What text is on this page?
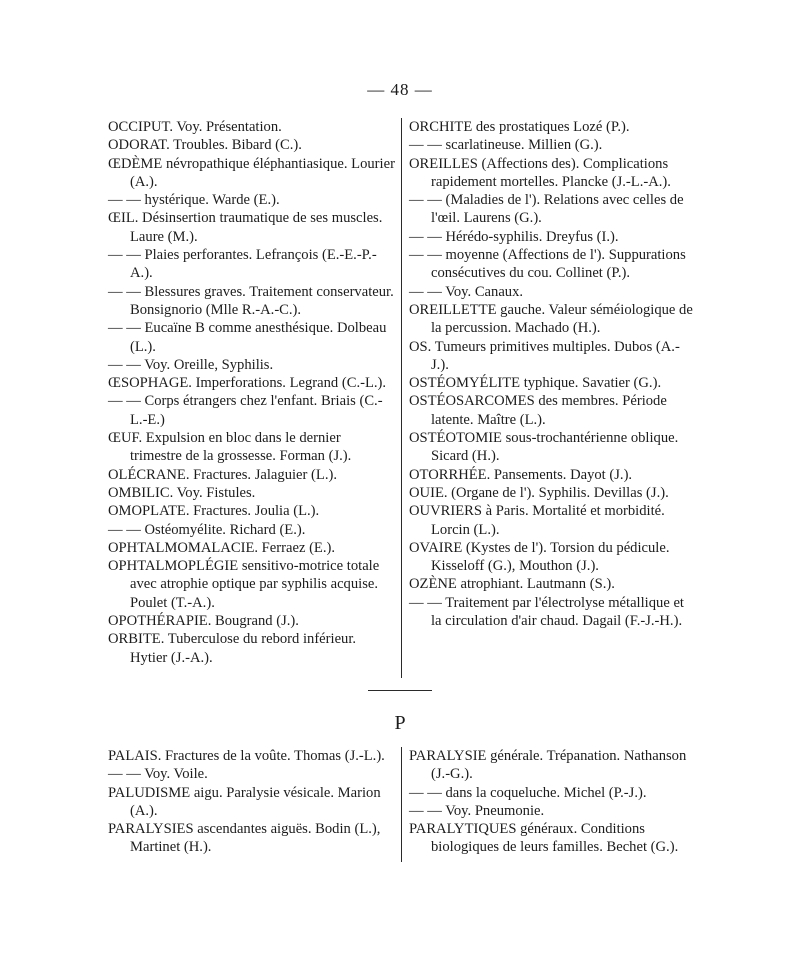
— 48 —

OCCIPUT. Voy. Présentation.

ODORAT. Troubles. Bibard (C.).

ŒDÈME névropathique éléphantiasique. Lourier (A.).

— — hystérique. Warde (E.).

ŒIL. Désinsertion traumatique de ses muscles. Laure (M.).

— — Plaies perforantes. Lefrançois (E.-E.-P.-A.).

— — Blessures graves. Traitement conservateur. Bonsignorio (Mlle R.-A.-C.).

— — Eucaïne B comme anesthésique. Dolbeau (L.).

— — Voy. Oreille, Syphilis.

ŒSOPHAGE. Imperforations. Legrand (C.-L.).

— — Corps étrangers chez l'enfant. Briais (C.-L.-E.)

ŒUF. Expulsion en bloc dans le dernier trimestre de la grossesse. Forman (J.).

OLÉCRANE. Fractures. Jalaguier (L.).

OMBILIC. Voy. Fistules.

OMOPLATE. Fractures. Joulia (L.).

— — Ostéomyélite. Richard (E.).

OPHTALMOMALACIE. Ferraez (E.).

OPHTALMOPLÉGIE sensitivo-motrice totale avec atrophie optique par syphilis acquise. Poulet (T.-A.).

OPOTHÉRAPIE. Bougrand (J.).

ORBITE. Tuberculose du rebord inférieur. Hytier (J.-A.).

ORCHITE des prostatiques Lozé (P.).

— — scarlatineuse. Millien (G.).

OREILLES (Affections des). Complications rapidement mortelles. Plancke (J.-L.-A.).

— — (Maladies de l'). Relations avec celles de l'œil. Laurens (G.).

— — Hérédo-syphilis. Dreyfus (I.).

— — moyenne (Affections de l'). Suppurations consécutives du cou. Collinet (P.).

— — Voy. Canaux.

OREILLETTE gauche. Valeur séméiologique de la percussion. Machado (H.).

OS. Tumeurs primitives multiples. Dubos (A.-J.).

OSTÉOMYÉLITE typhique. Savatier (G.).

OSTÉOSARCOMES des membres. Période latente. Maître (L.).

OSTÉOTOMIE sous-trochantérienne oblique. Sicard (H.).

OTORRHÉE. Pansements. Dayot (J.).

OUIE. (Organe de l'). Syphilis. Devillas (J.).

OUVRIERS à Paris. Mortalité et morbidité. Lorcin (L.).

OVAIRE (Kystes de l'). Torsion du pédicule. Kisseloff (G.), Mouthon (J.).

OZÈNE atrophiant. Lautmann (S.).

— — Traitement par l'électrolyse métallique et la circulation d'air chaud. Dagail (F.-J.-H.).

P

PALAIS. Fractures de la voûte. Thomas (J.-L.).

— — Voy. Voile.

PALUDISME aigu. Paralysie vésicale. Marion (A.).

PARALYSIES ascendantes aiguës. Bodin (L.), Martinet (H.).

PARALYSIE générale. Trépanation. Nathanson (J.-G.).

— — dans la coqueluche. Michel (P.-J.).

— — Voy. Pneumonie.

PARALYTIQUES généraux. Conditions biologiques de leurs familles. Bechet (G.).
